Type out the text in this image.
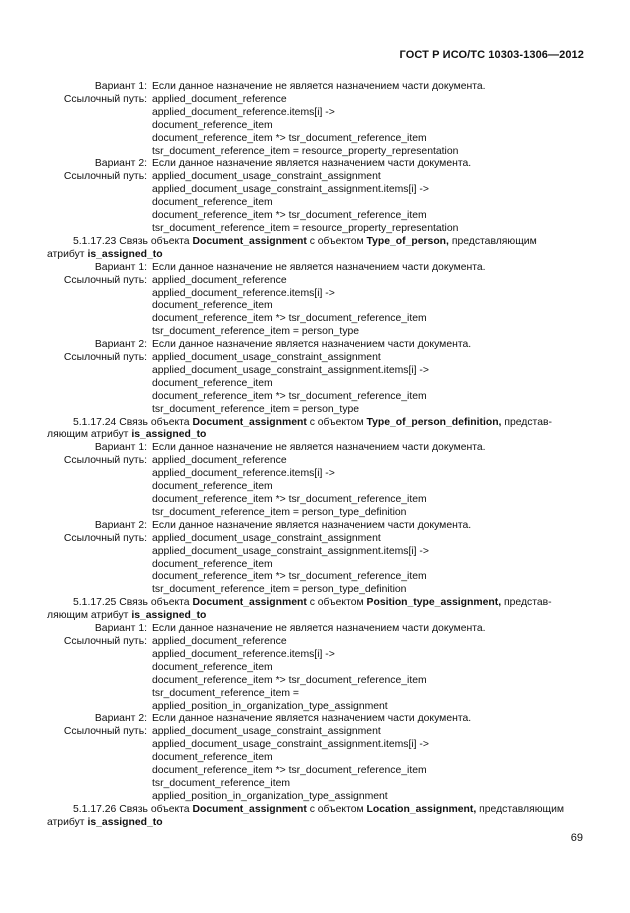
ГОСТ Р ИСО/ТС 10303-1306—2012
Вариант 1: Если данное назначение не является назначением части документа.
Ссылочный путь: applied_document_reference
applied_document_reference.items[i] ->
document_reference_item
document_reference_item *> tsr_document_reference_item
tsr_document_reference_item = resource_property_representation
Вариант 2: Если данное назначение является назначением части документа.
Ссылочный путь: applied_document_usage_constraint_assignment
applied_document_usage_constraint_assignment.items[i] ->
document_reference_item
document_reference_item *> tsr_document_reference_item
tsr_document_reference_item = resource_property_representation
5.1.17.23 Связь объекта Document_assignment с объектом Type_of_person, представляющим
атрибут is_assigned_to
Вариант 1: Если данное назначение не является назначением части документа.
Ссылочный путь: applied_document_reference
applied_document_reference.items[i] ->
document_reference_item
document_reference_item *> tsr_document_reference_item
tsr_document_reference_item = person_type
Вариант 2: Если данное назначение является назначением части документа.
Ссылочный путь: applied_document_usage_constraint_assignment
applied_document_usage_constraint_assignment.items[i] ->
document_reference_item
document_reference_item *> tsr_document_reference_item
tsr_document_reference_item = person_type
5.1.17.24 Связь объекта Document_assignment с объектом Type_of_person_definition, представ-
ляющим атрибут is_assigned_to
Вариант 1: Если данное назначение не является назначением части документа.
Ссылочный путь: applied_document_reference
applied_document_reference.items[i] ->
document_reference_item
document_reference_item *> tsr_document_reference_item
tsr_document_reference_item = person_type_definition
Вариант 2: Если данное назначение является назначением части документа.
Ссылочный путь: applied_document_usage_constraint_assignment
applied_document_usage_constraint_assignment.items[i] ->
document_reference_item
document_reference_item *> tsr_document_reference_item
tsr_document_reference_item = person_type_definition
5.1.17.25 Связь объекта Document_assignment с объектом Position_type_assignment, представ-
ляющим атрибут is_assigned_to
Вариант 1: Если данное назначение не является назначением части документа.
Ссылочный путь: applied_document_reference
applied_document_reference.items[i] ->
document_reference_item
document_reference_item *> tsr_document_reference_item
tsr_document_reference_item =
applied_position_in_organization_type_assignment
Вариант 2: Если данное назначение является назначением части документа.
Ссылочный путь: applied_document_usage_constraint_assignment
applied_document_usage_constraint_assignment.items[i] ->
document_reference_item
document_reference_item *> tsr_document_reference_item
tsr_document_reference_item
applied_position_in_organization_type_assignment
5.1.17.26 Связь объекта Document_assignment с объектом Location_assignment, представляющим
атрибут is_assigned_to
69
